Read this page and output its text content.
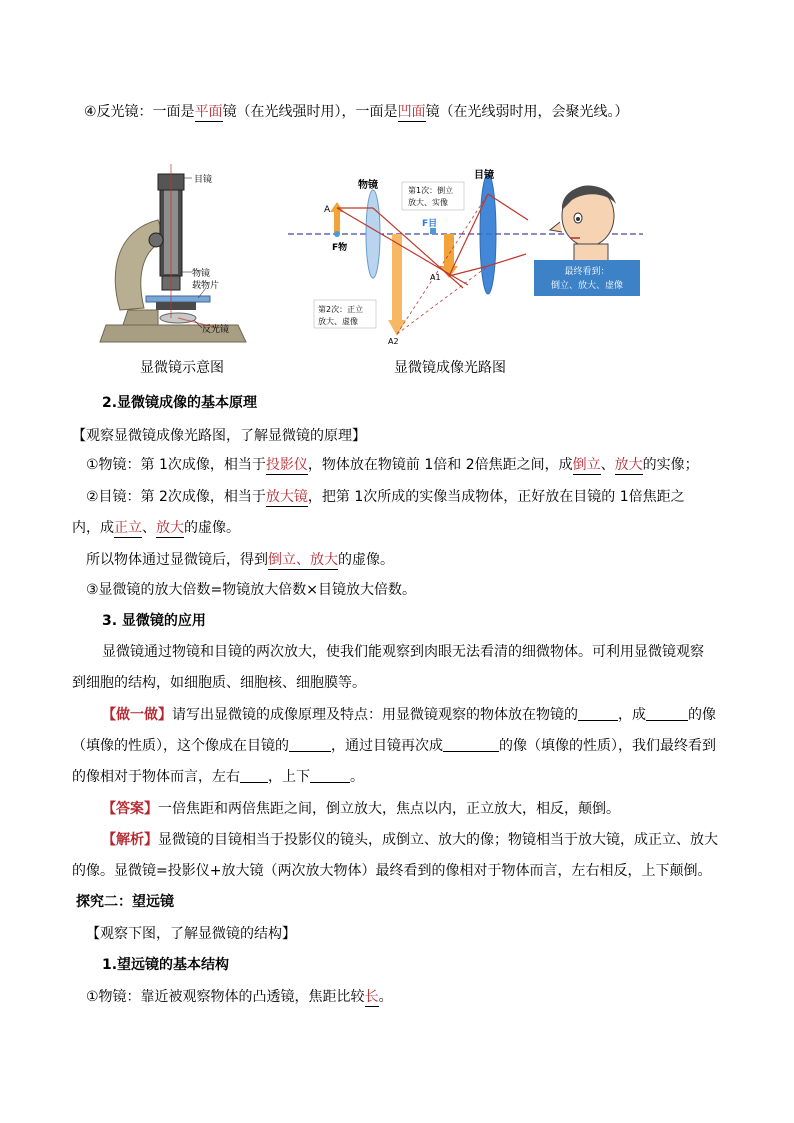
④反光镜：一面是平面镜（在光线强时用），一面是凹面镜（在光线弱时用，会聚光线。）
目镜
物镜
载物片
反光镜
显微镜示意图
最终看到：
倒立、放大、虚像
第1次：倒立
放大、实像
第2次：正立
放大、虚像
物镜
目镜
A
F物
F目
A1
A2
显微镜成像光路图
2.显微镜成像的基本原理
【观察显微镜成像光路图，了解显微镜的原理】
①物镜：第 1次成像，相当于投影仪，物体放在物镜前 1倍和 2倍焦距之间，成倒立、放大的实像；
②目镜：第 2次成像，相当于放大镜，把第 1次所成的实像当成物体，正好放在目镜的 1倍焦距之
内，成正立、放大的虚像。
所以物体通过显微镜后，得到倒立、放大的虚像。
③显微镜的放大倍数=物镜放大倍数×目镜放大倍数。
3. 显微镜的应用
显微镜通过物镜和目镜的两次放大，使我们能观察到肉眼无法看清的细微物体。可利用显微镜观察
到细胞的结构，如细胞质、细胞核、细胞膜等。
【做一做】请写出显微镜的成像原理及特点：用显微镜观察的物体放在物镜的	，成	的像
（填像的性质），这个像成在目镜的	，通过目镜再次成	的像（填像的性质），我们最终看到
的像相对于物体而言，左右 ，上下	。
【答案】一倍焦距和两倍焦距之间，倒立放大，焦点以内，正立放大，相反，颠倒。
【解析】显微镜的目镜相当于投影仪的镜头，成倒立、放大的像；物镜相当于放大镜，成正立、放大
的像。显微镜=投影仪+放大镜（两次放大物体）最终看到的像相对于物体而言，左右相反，上下颠倒。
探究二：望远镜
【观察下图，了解显微镜的结构】
1.望远镜的基本结构
①物镜：靠近被观察物体的凸透镜，焦距比较长。
